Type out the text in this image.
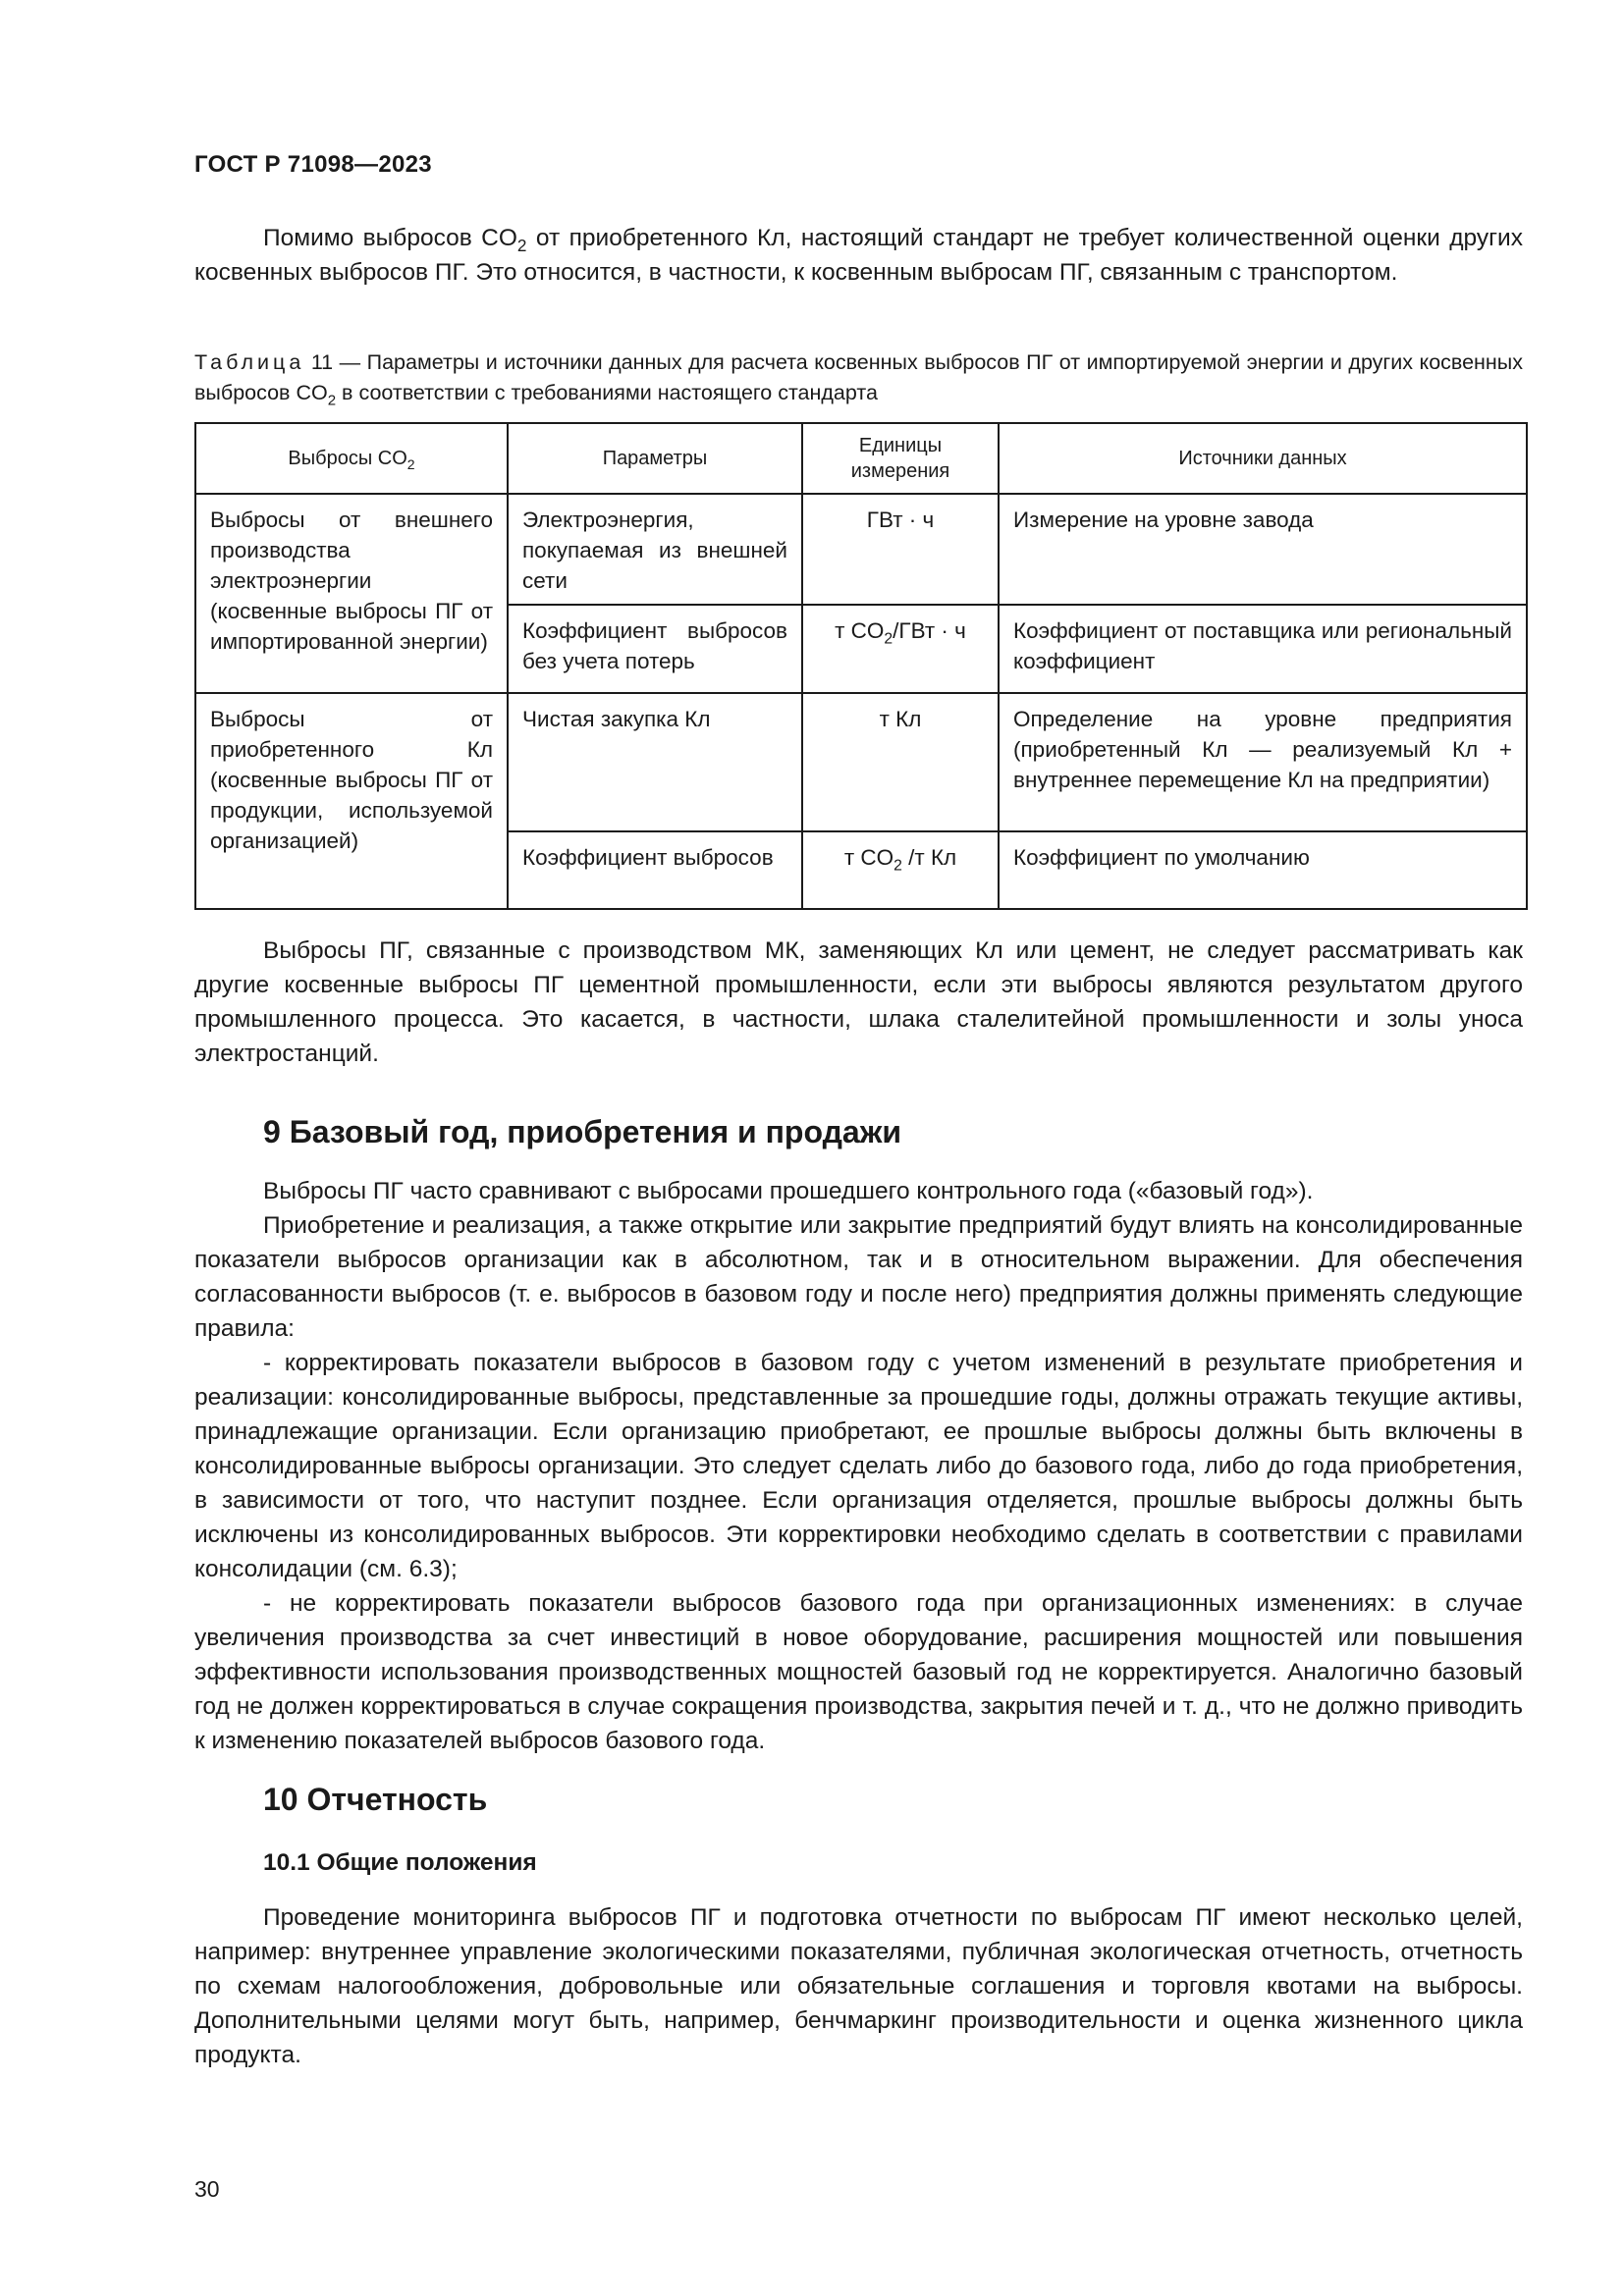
ГОСТ Р 71098—2023

Помимо выбросов $CO_2$ от приобретенного Кл, настоящий стандарт не требует количественной оценки других косвенных выбросов ПГ. Это относится, в частности, к косвенным выбросам ПГ, связанным с транспортом.

Таблица 11 — Параметры и источники данных для расчета косвенных выбросов ПГ от импортируемой энергии и других косвенных выбросов $CO_2$ в соответствии с требованиями настоящего стандарта
Выбросы $CO_2$	Параметры	Единицы измерения	Источники данных
Выбросы от внешнего производства электроэнергии (косвенные выбросы ПГ от импортированной энергии)	Электроэнергия, покупаемая из внешней сети	ГВт · ч	Измерение на уровне завода
	Коэффициент выбросов без учета потерь	т $CO_2$/ГВт · ч	Коэффициент от поставщика или региональный коэффициент
Выбросы от приобретенного Кл (косвенные выбросы ПГ от продукции, используемой организацией)	Чистая закупка Кл	т Кл	Определение на уровне предприятия (приобретенный Кл — реализуемый Кл + внутреннее перемещение Кл на предприятии)
	Коэффициент выбросов	т $CO_2$ /т Кл	Коэффициент по умолчанию

Выбросы ПГ, связанные с производством МК, заменяющих Кл или цемент, не следует рассматривать как другие косвенные выбросы ПГ цементной промышленности, если эти выбросы являются результатом другого промышленного процесса. Это касается, в частности, шлака сталелитейной промышленности и золы уноса электростанций.

9 Базовый год, приобретения и продажи

Выбросы ПГ часто сравнивают с выбросами прошедшего контрольного года («базовый год»).

Приобретение и реализация, а также открытие или закрытие предприятий будут влиять на консолидированные показатели выбросов организации как в абсолютном, так и в относительном выражении. Для обеспечения согласованности выбросов (т. е. выбросов в базовом году и после него) предприятия должны применять следующие правила:

- корректировать показатели выбросов в базовом году с учетом изменений в результате приобретения и реализации: консолидированные выбросы, представленные за прошедшие годы, должны отражать текущие активы, принадлежащие организации. Если организацию приобретают, ее прошлые выбросы должны быть включены в консолидированные выбросы организации. Это следует сделать либо до базового года, либо до года приобретения, в зависимости от того, что наступит позднее. Если организация отделяется, прошлые выбросы должны быть исключены из консолидированных выбросов. Эти корректировки необходимо сделать в соответствии с правилами консолидации (см. 6.3);

- не корректировать показатели выбросов базового года при организационных изменениях: в случае увеличения производства за счет инвестиций в новое оборудование, расширения мощностей или повышения эффективности использования производственных мощностей базовый год не корректируется. Аналогично базовый год не должен корректироваться в случае сокращения производства, закрытия печей и т. д., что не должно приводить к изменению показателей выбросов базового года.

10 Отчетность
10.1 Общие положения

Проведение мониторинга выбросов ПГ и подготовка отчетности по выбросам ПГ имеют несколько целей, например: внутреннее управление экологическими показателями, публичная экологическая отчетность, отчетность по схемам налогообложения, добровольные или обязательные соглашения и торговля квотами на выбросы. Дополнительными целями могут быть, например, бенчмаркинг производительности и оценка жизненного цикла продукта.

30
